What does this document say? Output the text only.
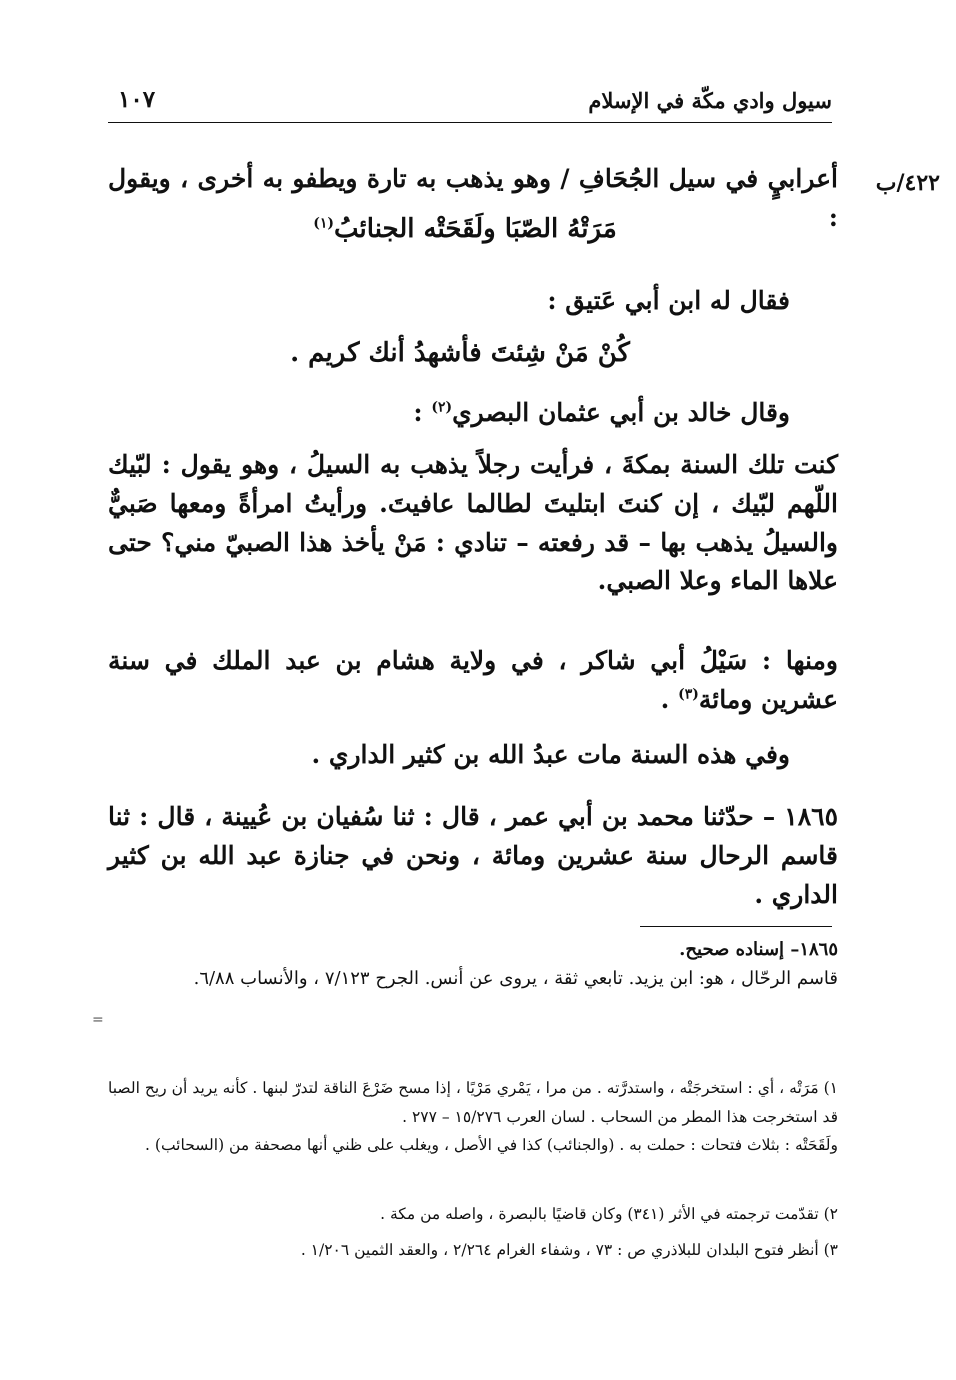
سيول وادي مكّة في الإسلام
١٠٧
٤٢٢/ب

أعرابيٍ في سيل الجُحَافِ / وهو يذهب به تارة ويطفو به أخرى ، ويقول :

مَرَتْهُ الصّبَا ولَقَحَتْه الجنائبُ$^{(١)}$

فقال له ابن أبي عَتيق :

كُنْ مَنْ شِئتَ فأشهدُ أنك كريم .

وقال خالد بن أبي عثمان البصري$^{(٢)}$ :

كنت تلك السنة بمكةَ ، فرأيت رجلاً يذهب به السيلُ ، وهو يقول : لبّيك اللّهم لبّيك ، إن كنتَ ابتليتَ لطالما عافيتَ. ورأيتُ امرأةً ومعها صَبيٌّ والسيلُ يذهب بها – قد رفعته – تنادي : مَنْ يأخذ هذا الصبيّ مني؟ حتى علاها الماء وعلا الصبي.

ومنها : سَيْلُ أبي شاكر ، في ولاية هشام بن عبد الملك في سنة عشرين ومائة$^{(٣)}$ .

وفي هذه السنة مات عبدُ الله بن كثير الداري .

١٨٦٥ – حدّثنا محمد بن أبي عمر ، قال : ثنا سُفيان بن عُيينة ، قال : ثنا قاسم الرحال سنة عشرين ومائة ، ونحن في جنازة عبد الله بن كثير الداري .

١٨٦٥– إسناده صحيح.
قاسم الرحّال ، هو: ابن يزيد. تابعي ثقة ، يروى عن أنس. الجرح ٧/١٢٣ ، والأنساب ٦/٨٨.

=

١) مَرَتْه ، أي : استخرجَتْه ، واستدرَّته . من مرا ، يَمْري مَرْيًا ، إذا مسح ضَرْعَ الناقة لتدرّ لبنها . كأنه يريد أن ريح الصبا قد استخرجت هذا المطر من السحاب . لسان العرب ١٥/٢٧٦ – ٢٧٧ .
ولَقَحَتْه : بثلاث فتحات : حملت به . (والجنائب) كذا في الأصل ، ويغلب على ظني أنها مصحفة من (السحائب) .

٢) تقدّمت ترجمته في الأثر (٣٤١) وكان قاضيًا بالبصرة ، واصله من مكة .

٣) أنظر فتوح البلدان للبلاذري ص : ٧٣ ، وشفاء الغرام ٢/٢٦٤ ، والعقد الثمين ١/٢٠٦ .
